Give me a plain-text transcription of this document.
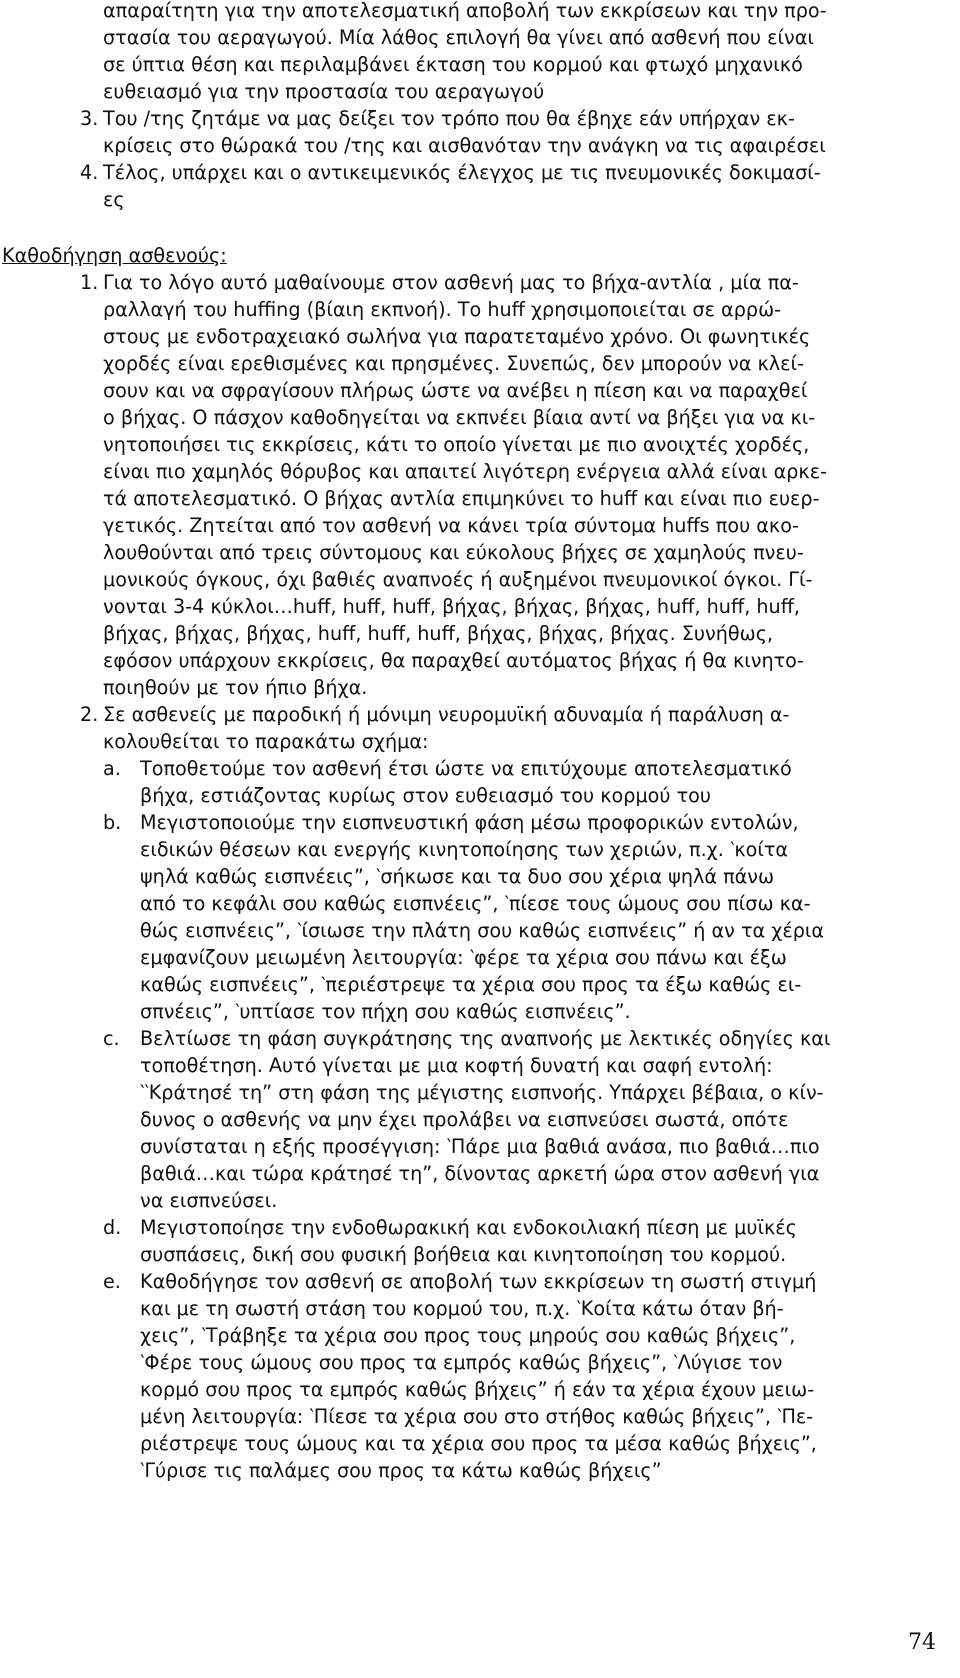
απαραίτητη για την αποτελεσματική αποβολή των εκκρίσεων και την προ-
στασία του αεραγωγού. Μία λάθος επιλογή θα γίνει από ασθενή που είναι
σε ύπτια θέση και περιλαμβάνει έκταση του κορμού και φτωχό μηχανικό
ευθειασμό για την προστασία του αεραγωγού
3. Του /της ζητάμε να μας δείξει τον τρόπο που θα έβηχε εάν υπήρχαν εκ-
κρίσεις στο θώρακά του /της και αισθανόταν την ανάγκη να τις αφαιρέσει
4. Τέλος, υπάρχει και ο αντικειμενικός έλεγχος με τις πνευμονικές δοκιμασί-
ες
Καθοδήγηση ασθενούς:
1. Για το λόγο αυτό μαθαίνουμε στον ασθενή μας το βήχα-αντλία , μία πα-
ραλλαγή του huffing (βίαιη εκπνοή). Το huff χρησιμοποιείται σε αρρώ-
στους με ενδοτραχειακό σωλήνα για παρατεταμένο χρόνο. Οι φωνητικές
χορδές είναι ερεθισμένες και πρησμένες. Συνεπώς, δεν μπορούν να κλεί-
σουν και να σφραγίσουν πλήρως ώστε να ανέβει η πίεση και να παραχθεί
ο βήχας. Ο πάσχον καθοδηγείται να εκπνέει βίαια αντί να βήξει για να κι-
νητοποιήσει τις εκκρίσεις, κάτι το οποίο γίνεται με πιο ανοιχτές χορδές,
είναι πιο χαμηλός θόρυβος και απαιτεί λιγότερη ενέργεια αλλά είναι αρκε-
τά αποτελεσματικό. Ο βήχας αντλία επιμηκύνει το huff και είναι πιο ευερ-
γετικός. Ζητείται από τον ασθενή να κάνει τρία σύντομα huffs που ακο-
λουθούνται από τρεις σύντομους και εύκολους βήχες σε χαμηλούς πνευ-
μονικούς όγκους, όχι βαθιές αναπνοές ή αυξημένοι πνευμονικοί όγκοι. Γί-
νονται 3-4 κύκλοι…huff, huff, huff, βήχας, βήχας, βήχας, huff, huff, huff,
βήχας, βήχας, βήχας, huff, huff, huff, βήχας, βήχας, βήχας. Συνήθως,
εφόσον υπάρχουν εκκρίσεις, θα παραχθεί αυτόματος βήχας ή θα κινητο-
ποιηθούν με τον ήπιο βήχα.
2. Σε ασθενείς με παροδική ή μόνιμη νευρομυϊκή αδυναμία ή παράλυση α-
κολουθείται το παρακάτω σχήμα:
a. Τοποθετούμε τον ασθενή έτσι ώστε να επιτύχουμε αποτελεσματικό
βήχα, εστιάζοντας κυρίως στον ευθειασμό του κορμού του
b. Μεγιστοποιούμε την εισπνευστική φάση μέσω προφορικών εντολών,
ειδικών θέσεων και ενεργής κινητοποίησης των χεριών, π.χ. ‵κοίτα
ψηλά καθώς εισπνέεις”, ‵σήκωσε και τα δυο σου χέρια ψηλά πάνω
από το κεφάλι σου καθώς εισπνέεις”, ‵πίεσε τους ώμους σου πίσω κα-
θώς εισπνέεις”, ‵ίσιωσε την πλάτη σου καθώς εισπνέεις” ή αν τα χέρια
εμφανίζουν μειωμένη λειτουργία: ‵φέρε τα χέρια σου πάνω και έξω
καθώς εισπνέεις”, ‵περιέστρεψε τα χέρια σου προς τα έξω καθώς ει-
σπνέεις”, ‵υπτίασε τον πήχη σου καθώς εισπνέεις”.
c. Βελτίωσε τη φάση συγκράτησης της αναπνοής με λεκτικές οδηγίες και
τοποθέτηση. Αυτό γίνεται με μια κοφτή δυνατή και σαφή εντολή:
‵‵Κράτησέ τη” στη φάση της μέγιστης εισπνοής. Υπάρχει βέβαια, ο κίν-
δυνος ο ασθενής να μην έχει προλάβει να εισπνεύσει σωστά, οπότε
συνίσταται η εξής προσέγγιση: ‵Πάρε μια βαθιά ανάσα, πιο βαθιά…πιο
βαθιά…και τώρα κράτησέ τη”, δίνοντας αρκετή ώρα στον ασθενή για
να εισπνεύσει.
d. Μεγιστοποίησε την ενδοθωρακική και ενδοκοιλιακή πίεση με μυϊκές
συσπάσεις, δική σου φυσική βοήθεια και κινητοποίηση του κορμού.
e. Καθοδήγησε τον ασθενή σε αποβολή των εκκρίσεων τη σωστή στιγμή
και με τη σωστή στάση του κορμού του, π.χ. ‵Κοίτα κάτω όταν βή-
χεις”, ‵Τράβηξε τα χέρια σου προς τους μηρούς σου καθώς βήχεις”,
‵Φέρε τους ώμους σου προς τα εμπρός καθώς βήχεις”, ‵Λύγισε τον
κορμό σου προς τα εμπρός καθώς βήχεις” ή εάν τα χέρια έχουν μειω-
μένη λειτουργία: ‵Πίεσε τα χέρια σου στο στήθος καθώς βήχεις”, ‵Πε-
ριέστρεψε τους ώμους και τα χέρια σου προς τα μέσα καθώς βήχεις”,
‵Γύρισε τις παλάμες σου προς τα κάτω καθώς βήχεις”
74
